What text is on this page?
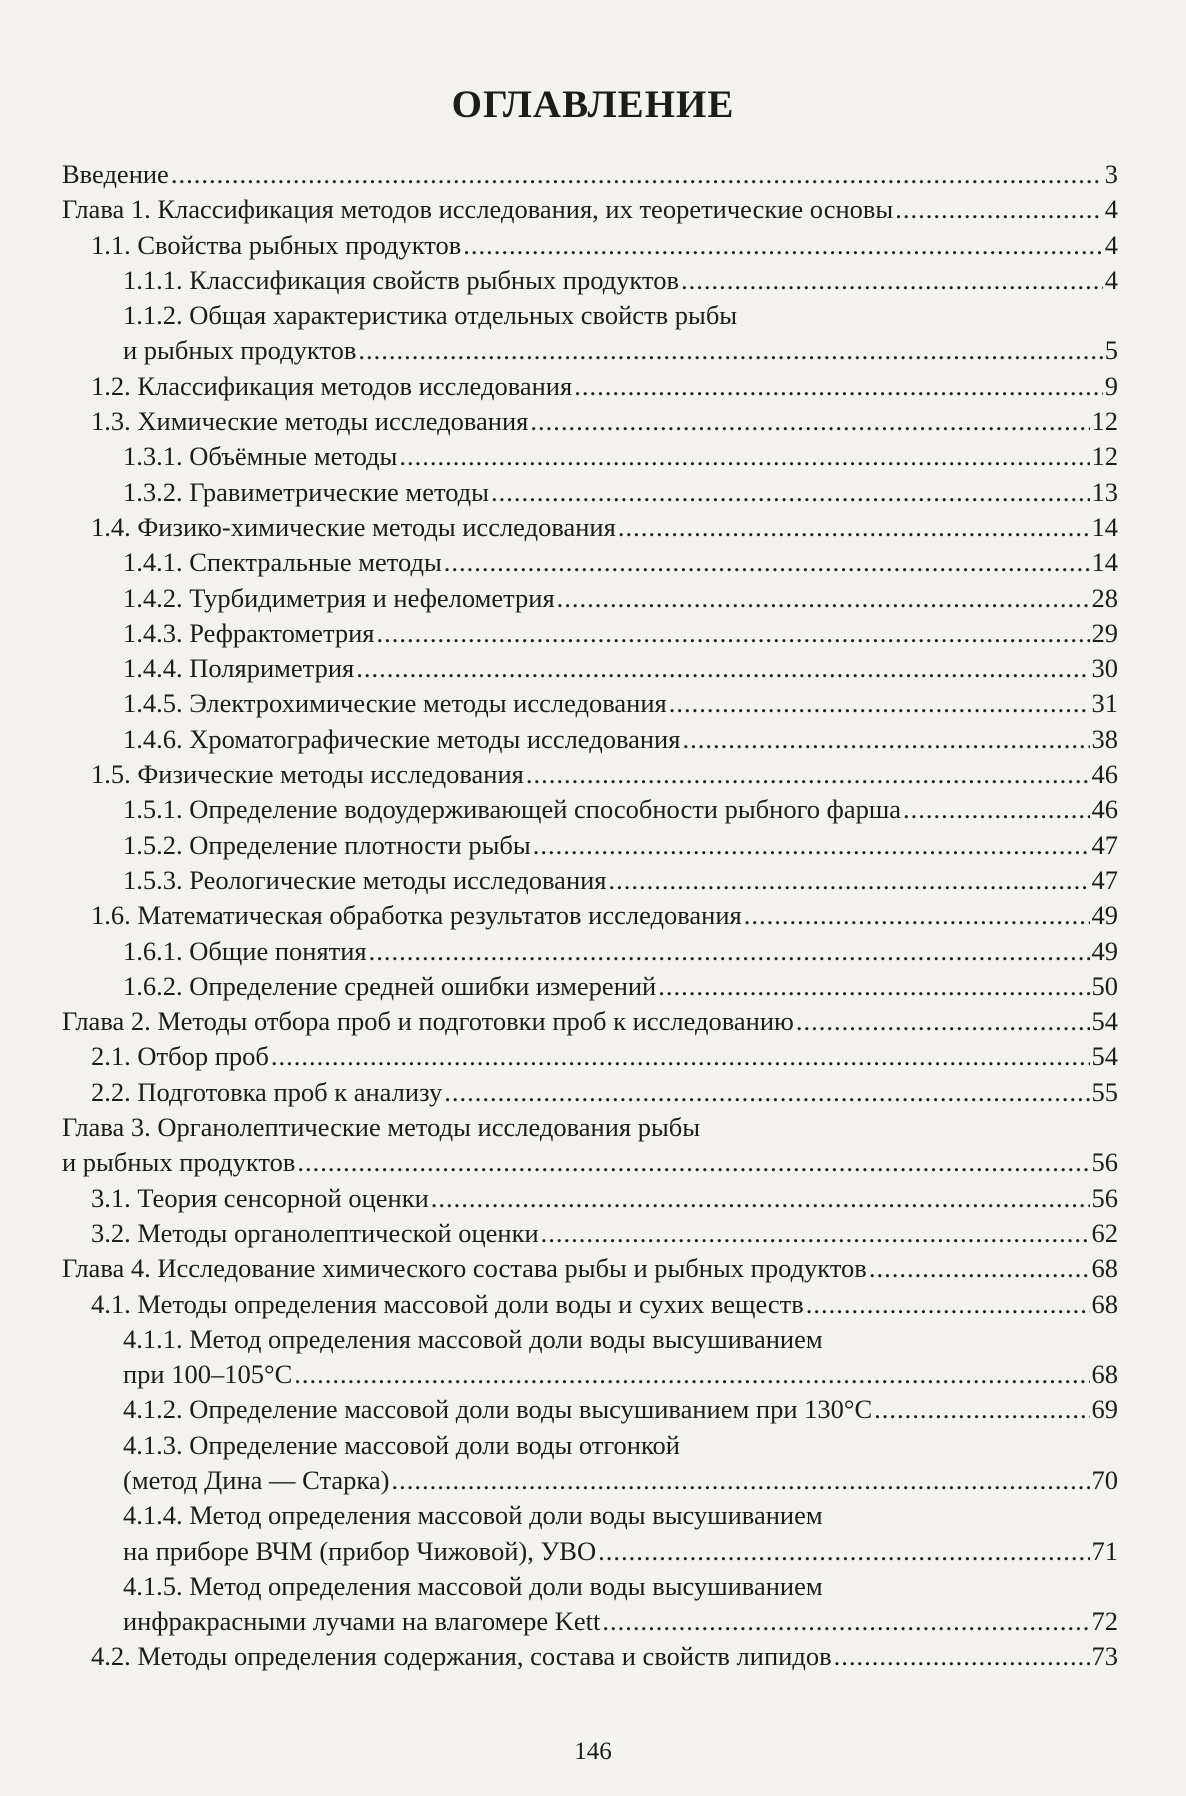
ОГЛАВЛЕНИЕ
Введение .....	3
Глава 1. Классификация методов исследования, их теоретические основы .....	4
1.1. Свойства рыбных продуктов .....	4
1.1.1. Классификация свойств рыбных продуктов .....	4
1.1.2. Общая характеристика отдельных свойств рыбы
и рыбных продуктов .....	5
1.2. Классификация методов исследования .....	9
1.3. Химические методы исследования .....	12
1.3.1. Объёмные методы .....	12
1.3.2. Гравиметрические методы .....	13
1.4. Физико-химические методы исследования .....	14
1.4.1. Спектральные методы .....	14
1.4.2. Турбидиметрия и нефелометрия .....	28
1.4.3. Рефрактометрия .....	29
1.4.4. Поляриметрия .....	30
1.4.5. Электрохимические методы исследования .....	31
1.4.6. Хроматографические методы исследования .....	38
1.5. Физические методы исследования .....	46
1.5.1. Определение водоудерживающей способности рыбного фарша .....	46
1.5.2. Определение плотности рыбы .....	47
1.5.3. Реологические методы исследования .....	47
1.6. Математическая обработка результатов исследования .....	49
1.6.1. Общие понятия .....	49
1.6.2. Определение средней ошибки измерений .....	50
Глава 2. Методы отбора проб и подготовки проб к исследованию .....	54
2.1. Отбор проб .....	54
2.2. Подготовка проб к анализу .....	55
Глава 3. Органолептические методы исследования рыбы
и рыбных продуктов .....	56
3.1. Теория сенсорной оценки .....	56
3.2. Методы органолептической оценки .....	62
Глава 4. Исследование химического состава рыбы и рыбных продуктов .....	68
4.1. Методы определения массовой доли воды и сухих веществ .....	68
4.1.1. Метод определения массовой доли воды высушиванием
при 100–105°С .....	68
4.1.2. Определение массовой доли воды высушиванием при 130°С .....	69
4.1.3. Определение массовой доли воды отгонкой
(метод Дина — Старка) .....	70
4.1.4. Метод определения массовой доли воды высушиванием
на приборе ВЧМ (прибор Чижовой), УВО .....	71
4.1.5. Метод определения массовой доли воды высушиванием
инфракрасными лучами на влагомере Kett .....	72
4.2. Методы определения содержания, состава и свойств липидов .....	73
146
